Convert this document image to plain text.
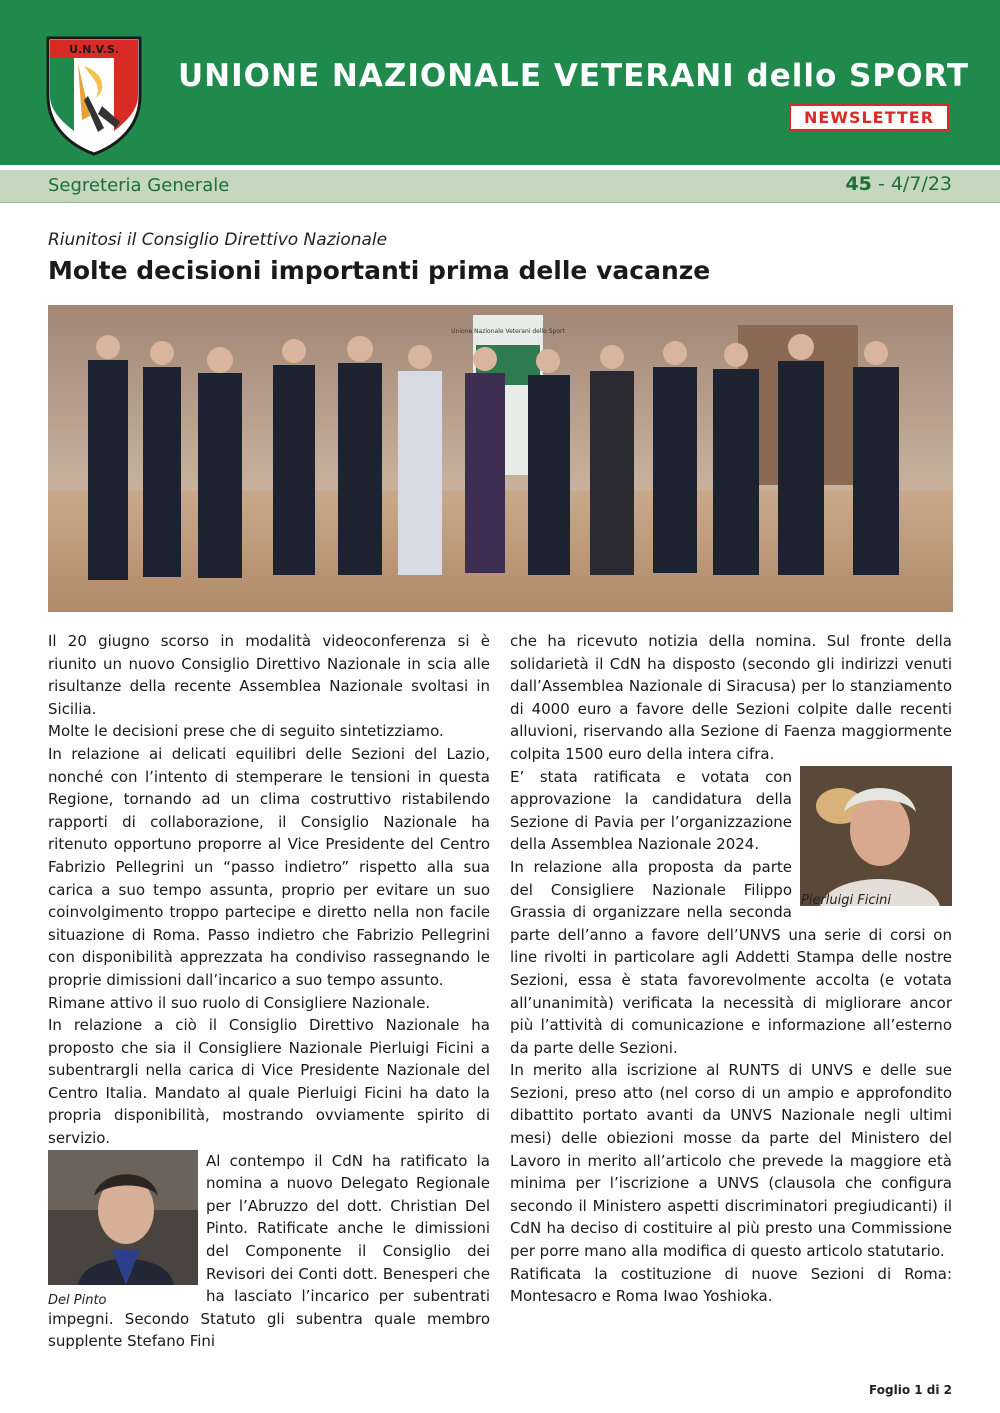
U.N.V.S.
UNIONE NAZIONALE VETERANI dello SPORT
NEWSLETTER
Segreteria Generale	45 - 4/7/23
Riunitosi il Consiglio Direttivo Nazionale
Molte decisioni importanti prima delle vacanze
Unione Nazionale Veterani dello Sport

Il 20 giugno scorso in modalità videoconferenza si è riunito un nuovo Consiglio Direttivo Nazionale in scia alle risultanze della recente Assemblea Nazionale svoltasi in Sicilia.

Molte le decisioni prese che di seguito sintetizziamo.

In relazione ai delicati equilibri delle Sezioni del Lazio, nonché con l’intento di stemperare le tensioni in questa Regione, tornando ad un clima costruttivo ristabilendo rapporti di collaborazione, il Consiglio Nazionale ha ritenuto opportuno proporre al Vice Presidente del Centro Fabrizio Pellegrini un “passo indietro” rispetto alla sua carica a suo tempo assunta, proprio per evitare un suo coinvolgimento troppo partecipe e diretto nella non facile situazione di Roma. Passo indietro che Fabrizio Pellegrini con disponibilità apprezzata ha condiviso rassegnando le proprie dimissioni dall’incarico a suo tempo assunto.

Rimane attivo il suo ruolo di Consigliere Nazionale.

In relazione a ciò il Consiglio Direttivo Nazionale ha proposto che sia il Consigliere Nazionale Pierluigi Ficini a subentrargli nella carica di Vice Presidente Nazionale del Centro Italia. Mandato al quale Pierluigi Ficini ha dato la propria disponibilità, mostrando ovviamente spirito di servizio.

Al contempo il CdN ha ratificato la nomina a nuovo Delegato Regionale per l’Abruzzo del dott. Christian Del Pinto. Ratificate anche le dimissioni del Componente il Consiglio dei Revisori dei Conti dott. Benesperi che ha lasciato l’incarico per subentrati impegni. Secondo Statuto gli subentra quale membro supplente Stefano Fini

Del Pinto

che ha ricevuto notizia della nomina. Sul fronte della solidarietà il CdN ha disposto (secondo gli indirizzi venuti dall’Assemblea Nazionale di Siracusa) per lo stanziamento di 4000 euro a favore delle Sezioni colpite dalle recenti alluvioni, riservando alla Sezione di Faenza maggiormente colpita 1500 euro della intera cifra.

E’ stata ratificata e votata con approvazione la candidatura della Sezione di Pavia per l’organizzazione della Assemblea Nazionale 2024.

In relazione alla proposta da parte del Consigliere Nazionale Filippo Grassia di organizzare nella seconda parte dell’anno a favore dell’UNVS una serie di corsi on line rivolti in particolare agli Addetti Stampa delle nostre Sezioni, essa è stata favorevolmente accolta (e votata all’unanimità) verificata la necessità di migliorare ancor più l’attività di comunicazione e informazione all’esterno da parte delle Sezioni.

In merito alla iscrizione al RUNTS di UNVS e delle sue Sezioni, preso atto (nel corso di un ampio e approfondito dibattito portato avanti da UNVS Nazionale negli ultimi mesi) delle obiezioni mosse da parte del Ministero del Lavoro in merito all’articolo che prevede la maggiore età minima per l’iscrizione a UNVS (clausola che configura secondo il Ministero aspetti discriminatori pregiudicanti) il CdN ha deciso di costituire al più presto una Commissione per porre mano alla modifica di questo articolo statutario.

Ratificata la costituzione di nuove Sezioni di Roma: Montesacro e Roma Iwao Yoshioka.

Pierluigi Ficini
Foglio 1 di 2
